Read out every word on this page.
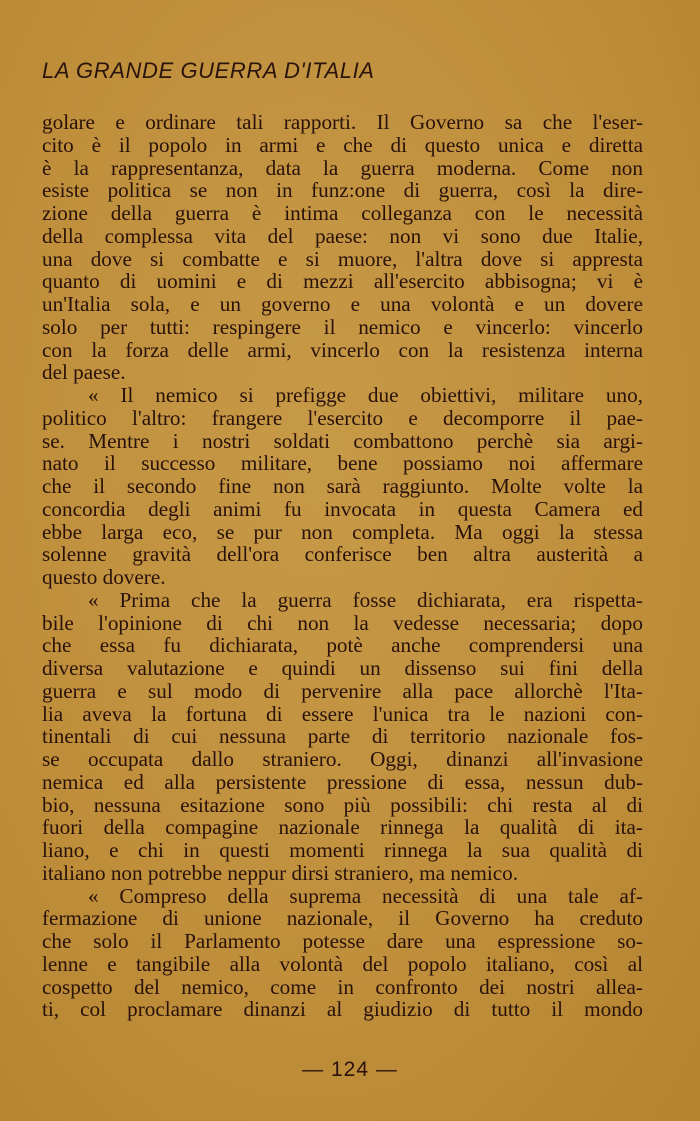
LA GRANDE GUERRA D'ITALIA
golare e ordinare tali rapporti. Il Governo sa che l'eser-
cito è il popolo in armi e che di questo unica e diretta
è la rappresentanza, data la guerra moderna. Come non
esiste politica se non in funz:one di guerra, così la dire-
zione della guerra è intima colleganza con le necessità
della complessa vita del paese: non vi sono due Italie,
una dove si combatte e si muore, l'altra dove si appresta
quanto di uomini e di mezzi all'esercito abbisogna; vi è
un'Italia sola, e un governo e una volontà e un dovere
solo per tutti: respingere il nemico e vincerlo: vincerlo
con la forza delle armi, vincerlo con la resistenza interna
del paese.
« Il nemico si prefigge due obiettivi, militare uno,
politico l'altro: frangere l'esercito e decomporre il pae-
se. Mentre i nostri soldati combattono perchè sia argi-
nato il successo militare, bene possiamo noi affermare
che il secondo fine non sarà raggiunto. Molte volte la
concordia degli animi fu invocata in questa Camera ed
ebbe larga eco, se pur non completa. Ma oggi la stessa
solenne gravità dell'ora conferisce ben altra austerità a
questo dovere.
« Prima che la guerra fosse dichiarata, era rispetta-
bile l'opinione di chi non la vedesse necessaria; dopo
che essa fu dichiarata, potè anche comprendersi una
diversa valutazione e quindi un dissenso sui fini della
guerra e sul modo di pervenire alla pace allorchè l'Ita-
lia aveva la fortuna di essere l'unica tra le nazioni con-
tinentali di cui nessuna parte di territorio nazionale fos-
se occupata dallo straniero. Oggi, dinanzi all'invasione
nemica ed alla persistente pressione di essa, nessun dub-
bio, nessuna esitazione sono più possibili: chi resta al di
fuori della compagine nazionale rinnega la qualità di ita-
liano, e chi in questi momenti rinnega la sua qualità di
italiano non potrebbe neppur dirsi straniero, ma nemico.
« Compreso della suprema necessità di una tale af-
fermazione di unione nazionale, il Governo ha creduto
che solo il Parlamento potesse dare una espressione so-
lenne e tangibile alla volontà del popolo italiano, così al
cospetto del nemico, come in confronto dei nostri allea-
ti, col proclamare dinanzi al giudizio di tutto il mondo
— 124 —
